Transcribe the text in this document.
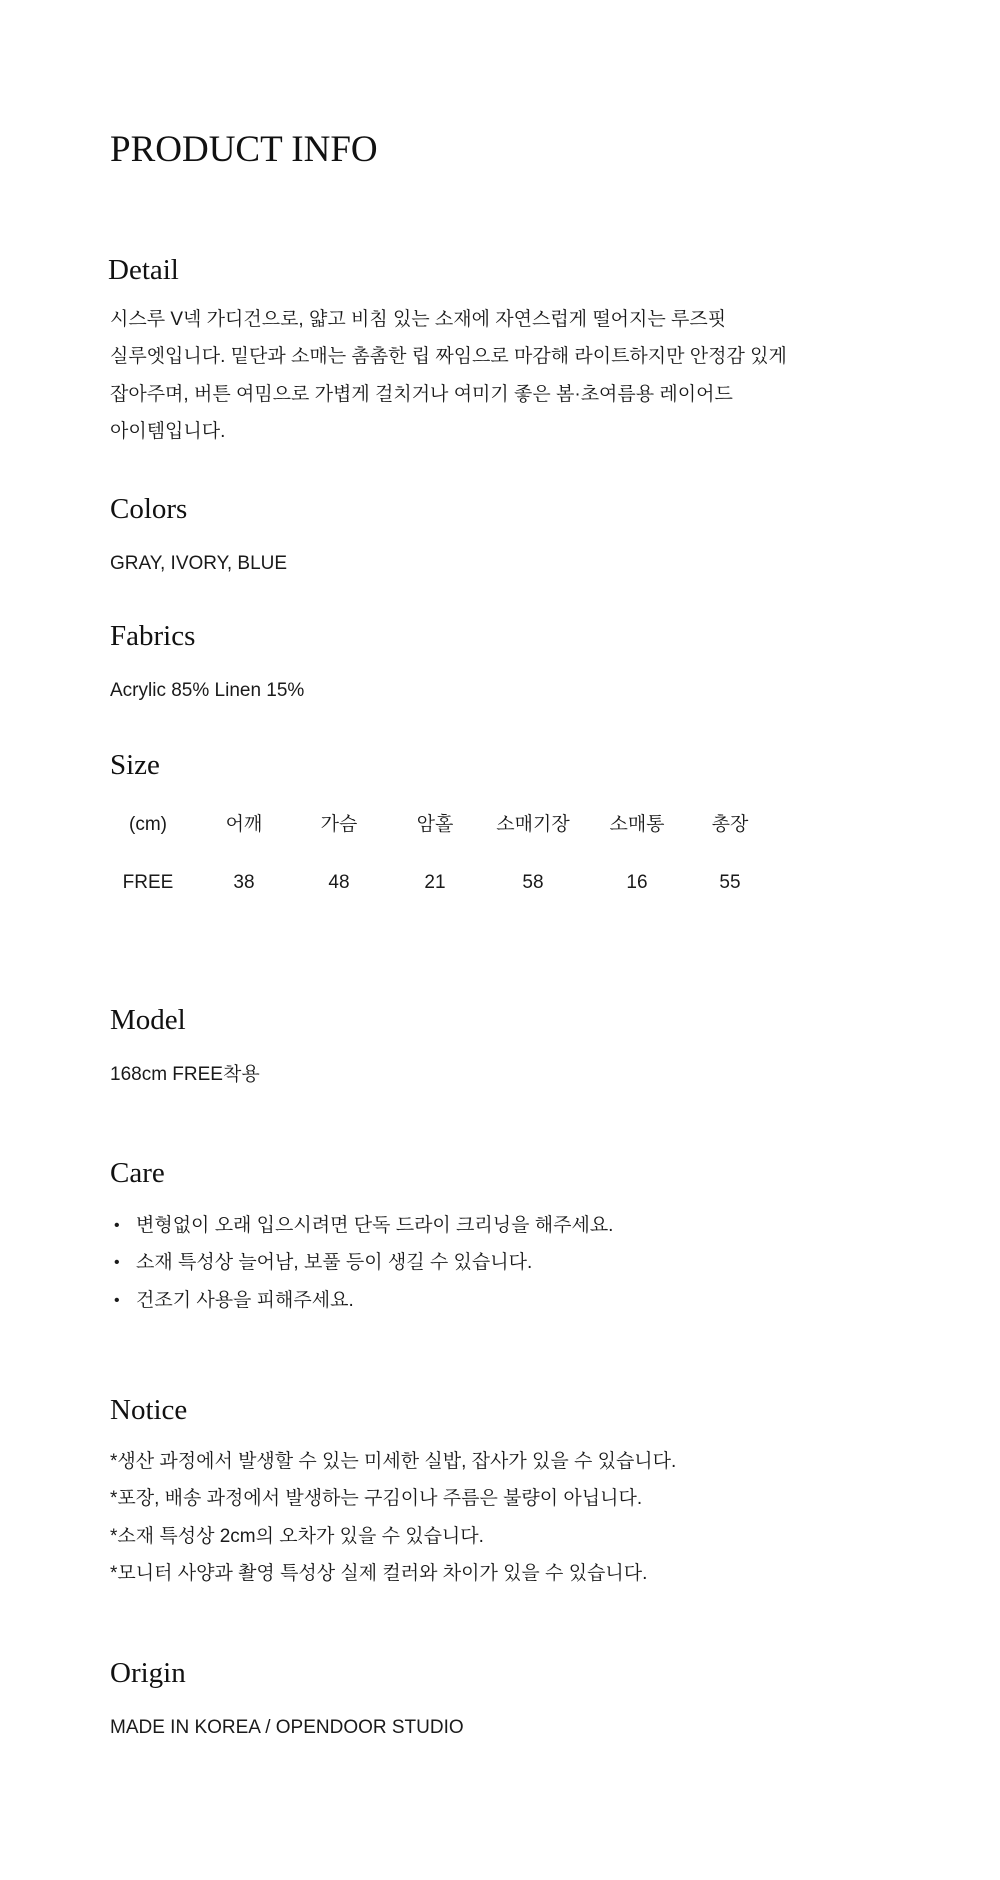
PRODUCT INFO
Detail
시스루 V넥 가디건으로, 얇고 비침 있는 소재에 자연스럽게 떨어지는 루즈핏
실루엣입니다. 밑단과 소매는 촘촘한 립 짜임으로 마감해 라이트하지만 안정감 있게
잡아주며, 버튼 여밈으로 가볍게 걸치거나 여미기 좋은 봄·초여름용 레이어드
아이템입니다.
Colors
GRAY, IVORY, BLUE
Fabrics
Acrylic 85% Linen 15%
Size
(cm)	어깨	가슴	암홀	소매기장	소매통	총장
FREE	38	48	21	58	16	55
Model
168cm FREE착용
Care
• 변형없이 오래 입으시려면 단독 드라이 크리닝을 해주세요.
• 소재 특성상 늘어남, 보풀 등이 생길 수 있습니다.
• 건조기 사용을 피해주세요.
Notice
*생산 과정에서 발생할 수 있는 미세한 실밥, 잡사가 있을 수 있습니다.
*포장, 배송 과정에서 발생하는 구김이나 주름은 불량이 아닙니다.
*소재 특성상 2cm의 오차가 있을 수 있습니다.
*모니터 사양과 촬영 특성상 실제 컬러와 차이가 있을 수 있습니다.
Origin
MADE IN KOREA / OPENDOOR STUDIO
